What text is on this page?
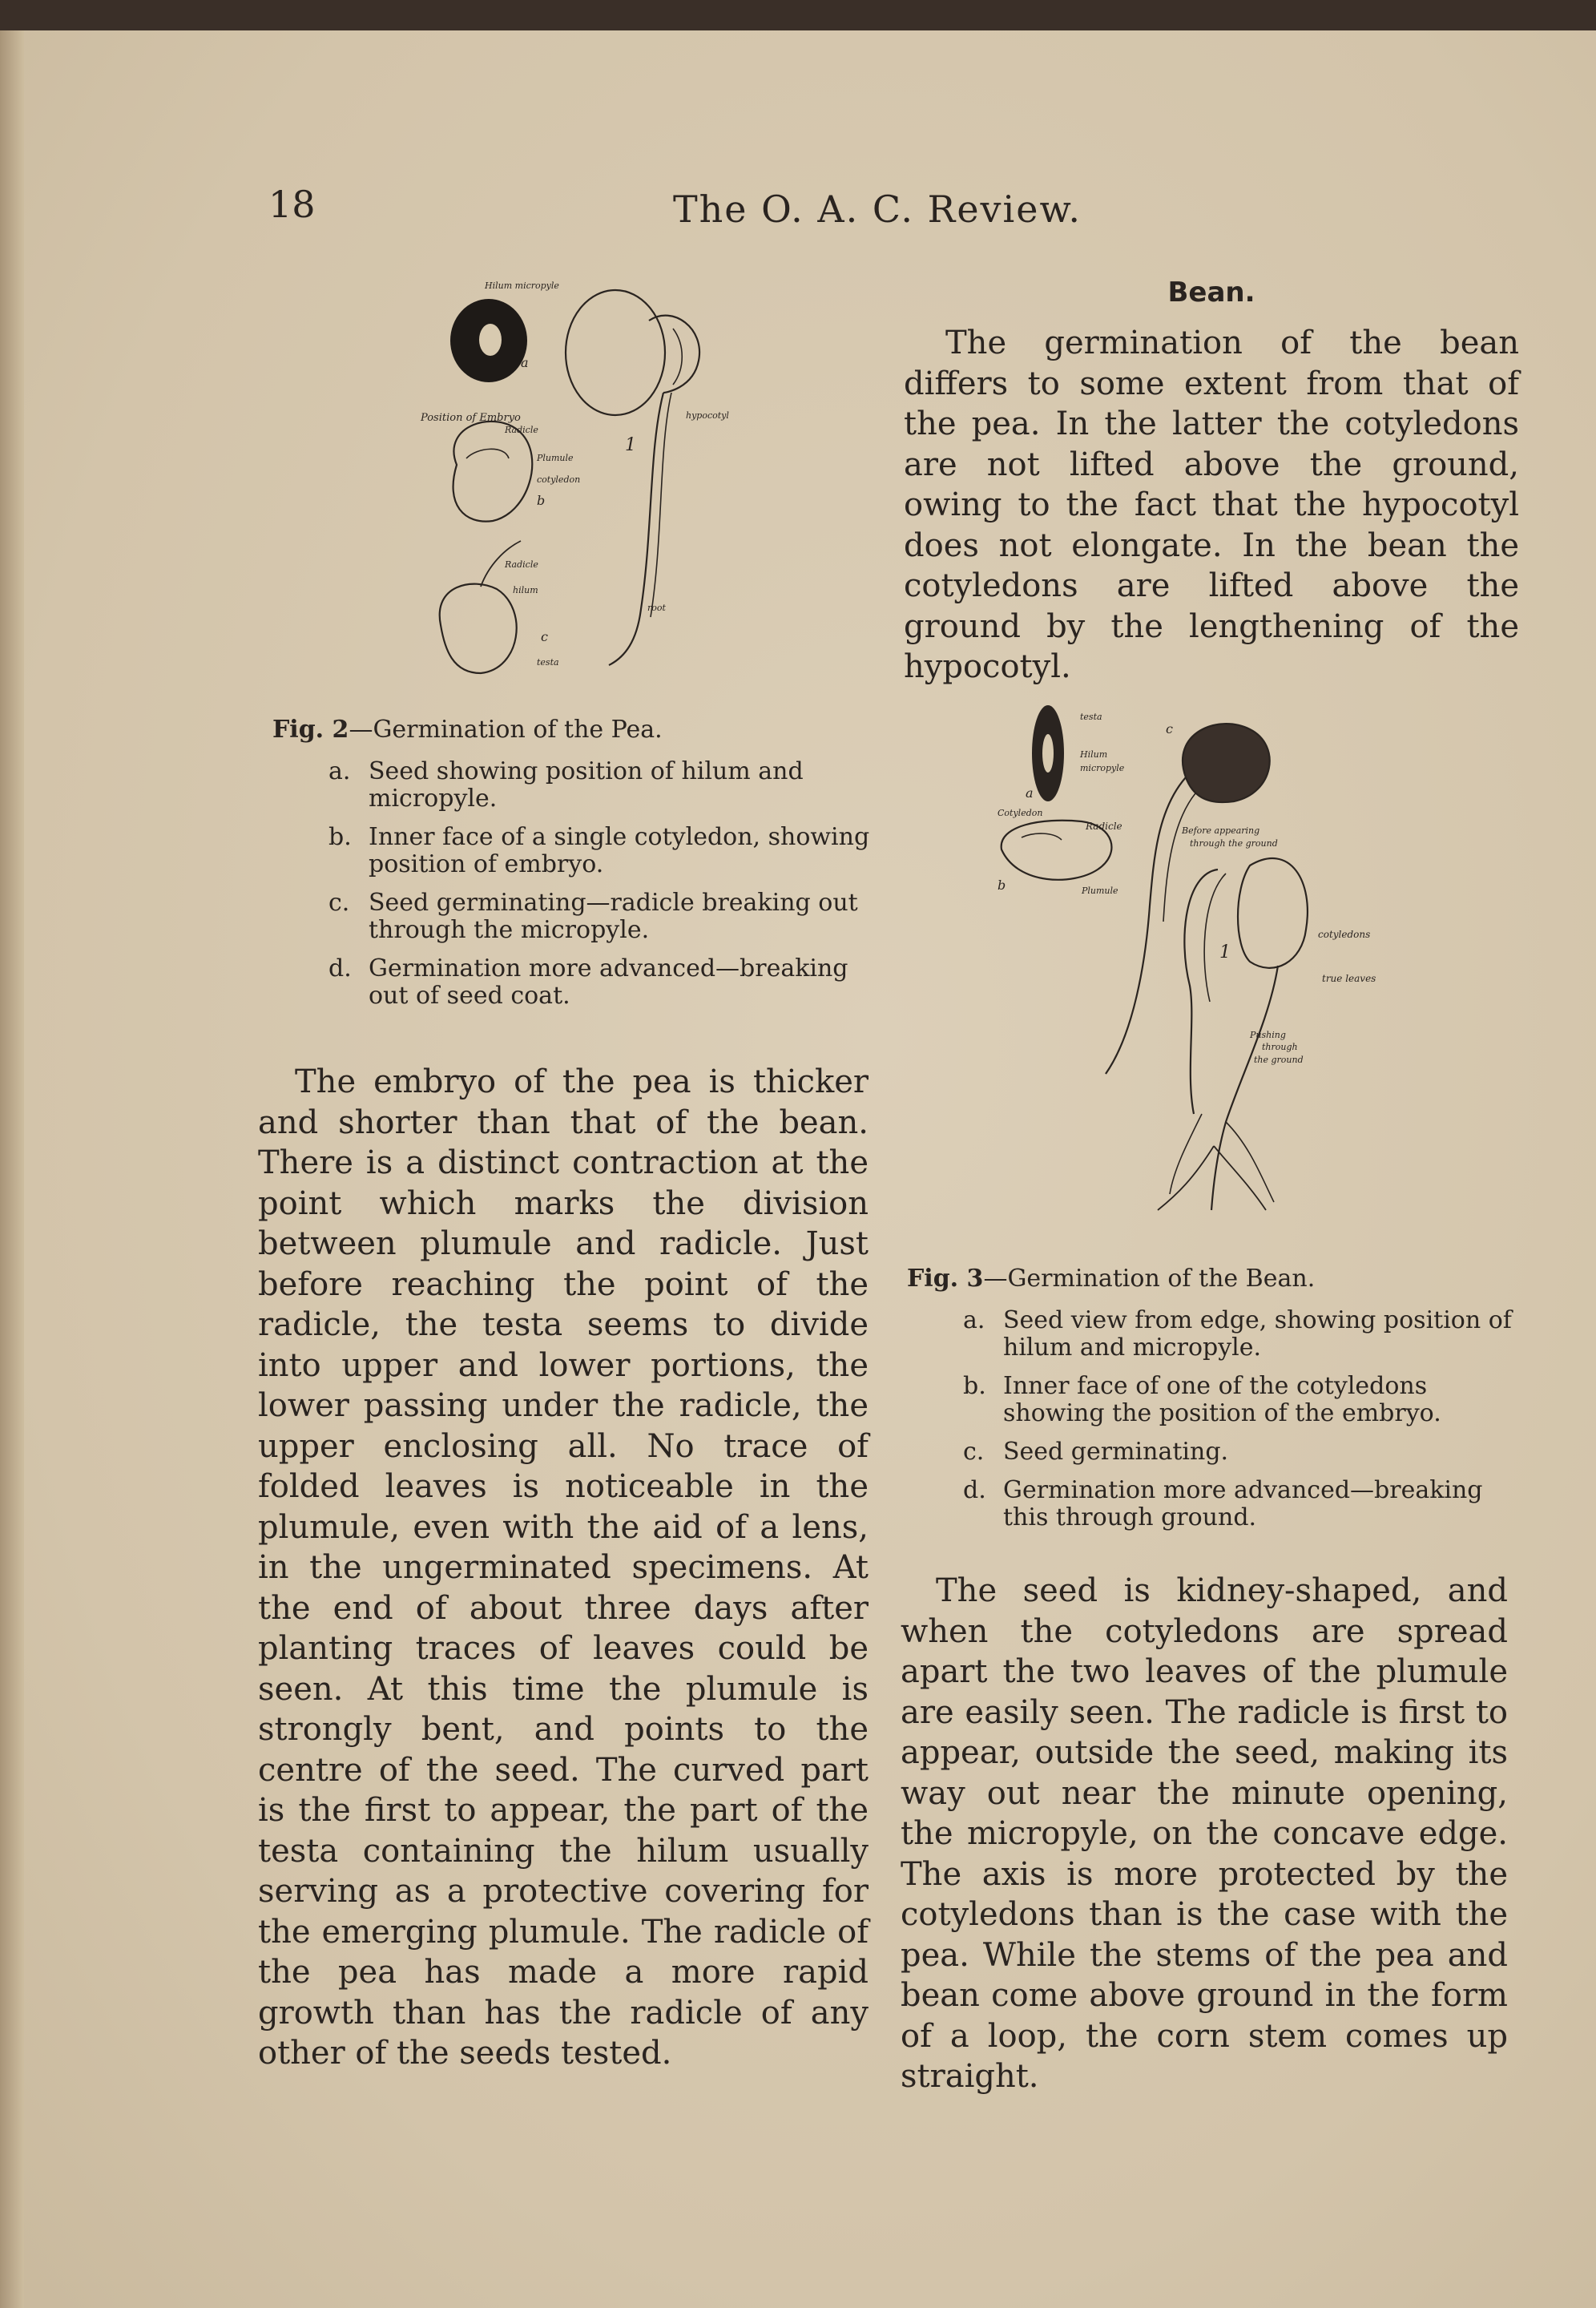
18	The O. A. C. Review.
Hilum micropyle
a
Position of Embryo
Radicle
Plumule
cotyledon
b
1
hypocotyl
Radicle
hilum
c
testa
root

Fig. 2—Germination of the Pea.

a. Seed showing position of hilum and micropyle.

b. Inner face of a single cotyledon, showing position of embryo.

c. Seed germinating—radicle breaking out through the micropyle.

d. Germination more advanced—breaking out of seed coat.

The embryo of the pea is thicker and shorter than that of the bean. There is a distinct contraction at the point which marks the division between plumule and radicle. Just before reaching the point of the radicle, the testa seems to divide into upper and lower portions, the lower passing under the radicle, the upper enclosing all. No trace of folded leaves is noticeable in the plumule, even with the aid of a lens, in the ungerminated specimens. At the end of about three days after planting traces of leaves could be seen. At this time the plumule is strongly bent, and points to the centre of the seed. The curved part is the first to appear, the part of the testa containing the hilum usually serving as a protective covering for the emerging plumule. The radicle of the pea has made a more rapid growth than has the radicle of any other of the seeds tested.

Bean.

The germination of the bean differs to some extent from that of the pea. In the latter the cotyledons are not lifted above the ground, owing to the fact that the hypocotyl does not elongate. In the bean the cotyledons are lifted above the ground by the lengthening of the hypocotyl.

testa
Hilum
micropyle
a
c
Cotyledon
Radicle
b	Plumule
Before appearing
through the ground
cotyledons
1
true leaves
Pushing
through
the ground

Fig. 3—Germination of the Bean.

a. Seed view from edge, showing position of hilum and micropyle.

b. Inner face of one of the cotyledons showing the position of the embryo.

c. Seed germinating.

d. Germination more advanced—breaking this through ground.

The seed is kidney-shaped, and when the cotyledons are spread apart the two leaves of the plumule are easily seen. The radicle is first to appear, outside the seed, making its way out near the minute opening, the micropyle, on the concave edge. The axis is more protected by the cotyledons than is the case with the pea. While the stems of the pea and bean come above ground in the form of a loop, the corn stem comes up straight.
